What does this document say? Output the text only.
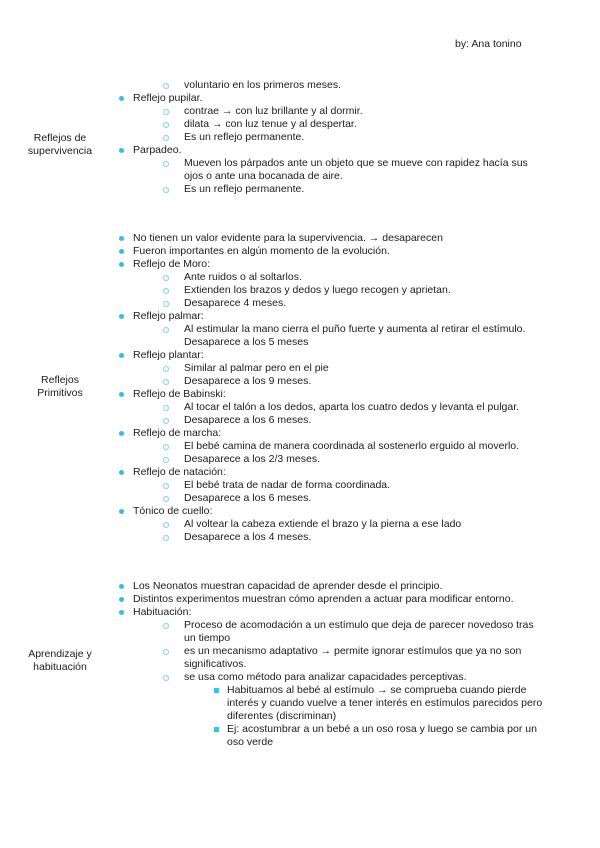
by: Ana tonino
Reflejos de
supervivencia
Reflejos
Primitivos
Aprendizaje y
habituación
voluntario en los primeros meses.
Reflejo pupilar.
contrae → con luz brillante y al dormir.
dilata → con luz tenue y al despertar.
Es un reflejo permanente.
Parpadeo.
Mueven los párpados ante un objeto que se mueve con rapidez hacía sus
ojos o ante una bocanada de aire.
Es un reflejo permanente.
No tienen un valor evidente para la supervivencia. → desaparecen
Fueron importantes en algún momento de la evolución.
Reflejo de Moro:
Ante ruidos o al soltarlos.
Extienden los brazos y dedos y luego recogen y aprietan.
Desaparece 4 meses.
Reflejo palmar:
Al estimular la mano cierra el puño fuerte y aumenta al retirar el estímulo.
Desaparece a los 5 meses
Reflejo plantar:
Similar al palmar pero en el pie
Desaparece a los 9 meses.
Reflejo de Babinski:
Al tocar el talón a los dedos, aparta los cuatro dedos y levanta el pulgar.
Desaparece a los 6 meses.
Reflejo de marcha:
El bebé camina de manera coordinada al sostenerlo erguido al moverlo.
Desaparece a los 2/3 meses.
Reflejo de natación:
El bebé trata de nadar de forma coordinada.
Desaparece a los 6 meses.
Tónico de cuello:
Al voltear la cabeza extiende el brazo y la pierna a ese lado
Desaparece a los 4 meses.
Los Neonatos muestran capacidad de aprender desde el principio.
Distintos experimentos muestran cómo aprenden a actuar para modificar entorno.
Habituación:
Proceso de acomodación a un estímulo que deja de parecer novedoso tras
un tiempo
es un mecanismo adaptativo → permite ignorar estímulos que ya no son
significativos.
se usa como método para analizar capacidades perceptivas.
Habituamos al bebé al estímulo → se comprueba cuando pierde
interés y cuando vuelve a tener interés en estímulos parecidos pero
diferentes (discriminan)
Ej: acostumbrar a un bebé a un oso rosa y luego se cambia por un
oso verde
